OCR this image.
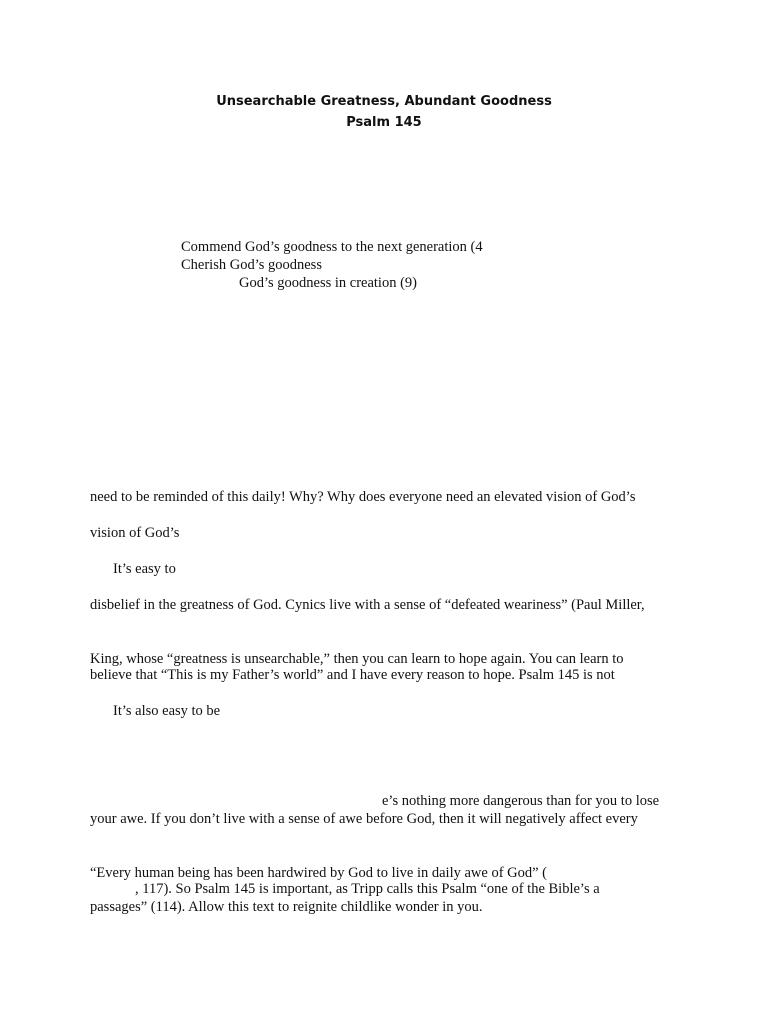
Unsearchable Greatness, Abundant Goodness
Psalm 145
Commend God’s goodness to the next generation (4
Cherish God’s goodness
God’s goodness in creation (9)
need to be reminded of this daily! Why? Why does everyone need an elevated vision of God’s
vision of God’s
It’s easy to
disbelief in the greatness of God. Cynics live with a sense of “defeated weariness” (Paul Miller,
King, whose “greatness is unsearchable,” then you can learn to hope again. You can learn to
believe that “This is my Father’s world” and I have every reason to hope. Psalm 145 is not
It’s also easy to be
e’s nothing more dangerous than for you to lose
your awe. If you don’t live with a sense of awe before God, then it will negatively affect every
“Every human being has been hardwired by God to live in daily awe of God” (
, 117). So Psalm 145 is important, as Tripp calls this Psalm “one of the Bible’s a
passages” (114). Allow this text to reignite childlike wonder in you.
